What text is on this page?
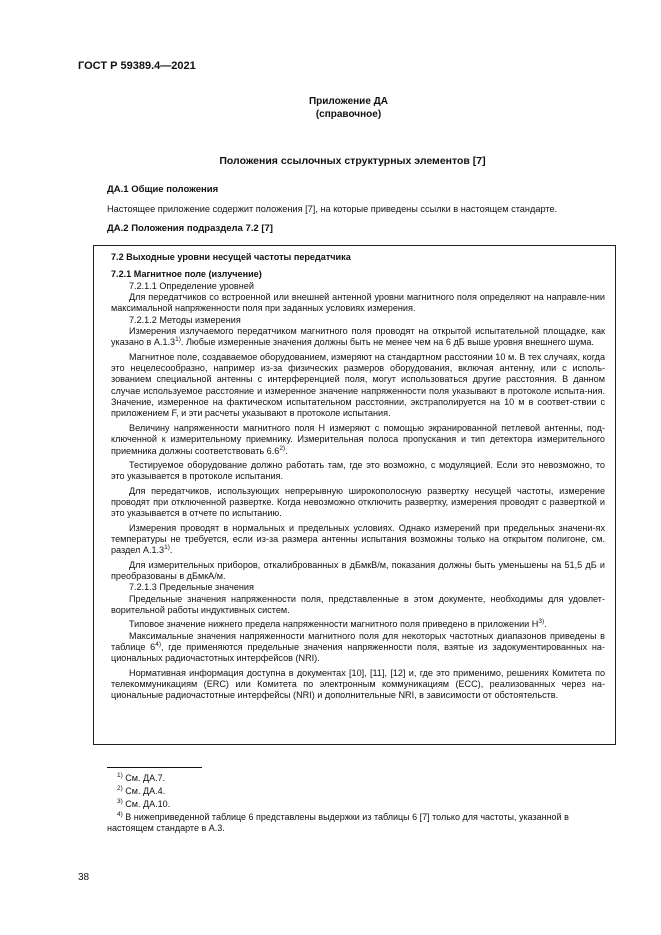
ГОСТ Р 59389.4—2021
Приложение ДА
(справочное)
Положения ссылочных структурных элементов [7]
ДА.1 Общие положения
Настоящее приложение содержит положения [7], на которые приведены ссылки в настоящем стандарте.
ДА.2 Положения подраздела 7.2 [7]

7.2 Выходные уровни несущей частоты передатчика

7.2.1 Магнитное поле (излучение)

7.2.1.1 Определение уровней

Для передатчиков со встроенной или внешней антенной уровни магнитного поля определяют на направле-нии максимальной напряженности поля при заданных условиях измерения.

7.2.1.2 Методы измерения

Измерения излучаемого передатчиком магнитного поля проводят на открытой испытательной площадке, как указано в А.1.3$^{1)}$. Любые измеренные значения должны быть не менее чем на 6 дБ выше уровня внешнего шума.

Магнитное поле, создаваемое оборудованием, измеряют на стандартном расстоянии 10 м. В тех случаях, когда это нецелесообразно, например из-за физических размеров оборудования, включая антенну, или с исполь-зованием специальной антенны с интерференцией поля, могут использоваться другие расстояния. В данном случае используемое расстояние и измеренное значение напряженности поля указывают в протоколе испыта-ния. Значение, измеренное на фактическом испытательном расстоянии, экстраполируется на 10 м в соответ-ствии с приложением F, и эти расчеты указывают в протоколе испытания.

Величину напряженности магнитного поля H измеряют с помощью экранированной петлевой антенны, под-ключенной к измерительному приемнику. Измерительная полоса пропускания и тип детектора измерительного приемника должны соответствовать 6.6$^{2)}$.

Тестируемое оборудование должно работать там, где это возможно, с модуляцией. Если это невозможно, то это указывается в протоколе испытания.

Для передатчиков, использующих непрерывную широкополосную развертку несущей частоты, измерение проводят при отключенной развертке. Когда невозможно отключить развертку, измерения проводят с разверткой и это указывается в отчете по испытанию.

Измерения проводят в нормальных и предельных условиях. Однако измерений при предельных значени-ях температуры не требуется, если из-за размера антенны испытания возможны только на открытом полигоне, см. раздел А.1.3$^{1)}$.

Для измерительных приборов, откалиброванных в дБмкВ/м, показания должны быть уменьшены на 51,5 дБ и преобразованы в дБмкА/м.

7.2.1.3 Предельные значения

Предельные значения напряженности поля, представленные в этом документе, необходимы для удовлет-ворительной работы индуктивных систем.

Типовое значение нижнего предела напряженности магнитного поля приведено в приложении $H^{3)}$.

Максимальные значения напряженности магнитного поля для некоторых частотных диапазонов приведены в таблице 6$^{4)}$, где применяются предельные значения напряженности поля, взятые из задокументированных на-циональных радиочастотных интерфейсов (NRI).

Нормативная информация доступна в документах [10], [11], [12] и, где это применимо, решениях Комитета по телекоммуникациям (ERC) или Комитета по электронным коммуникациям (ECC), реализованных через на-циональные радиочастотные интерфейсы (NRI) и дополнительные NRI, в зависимости от обстоятельств.

$^{1)}$ См. ДА.7.

$^{2)}$ См. ДА.4.

$^{3)}$ См. ДА.10.

$^{4)}$ В нижеприведенной таблице 6 представлены выдержки из таблицы 6 [7] только для частоты, указанной в настоящем стандарте в А.3.

38
